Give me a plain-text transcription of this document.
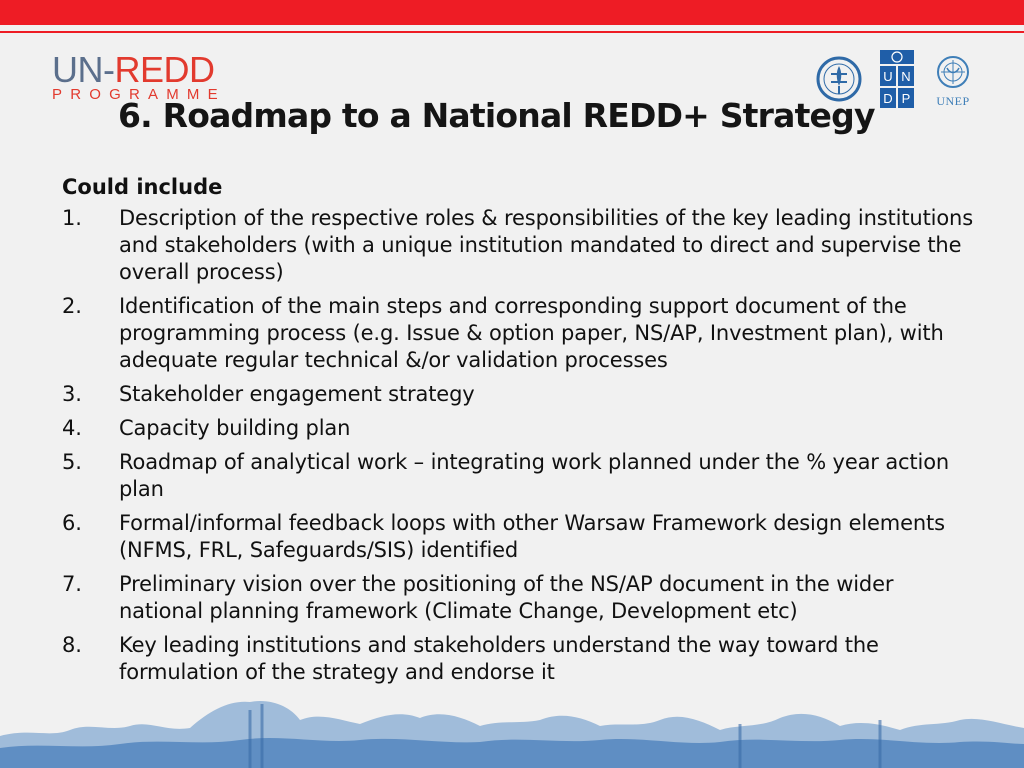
UN-REDD
PROGRAMME
U N
D P	UNEP
6. Roadmap to a National REDD+ Strategy

Could include

1. Description of the respective roles & responsibilities of the key leading institutions and stakeholders (with a unique institution mandated to direct and supervise the overall process)
2. Identification of the main steps and corresponding support document of the programming process (e.g. Issue & option paper, NS/AP, Investment plan), with adequate regular technical &/or validation processes
3. Stakeholder engagement strategy
4. Capacity building plan
5. Roadmap of analytical work – integrating work planned under the % year action plan
6. Formal/informal feedback loops with other Warsaw Framework design elements (NFMS, FRL, Safeguards/SIS) identified
7. Preliminary vision over the positioning of the NS/AP document in the wider national planning framework (Climate Change, Development etc)
8. Key leading institutions and stakeholders understand the way toward the formulation of the strategy and endorse it
